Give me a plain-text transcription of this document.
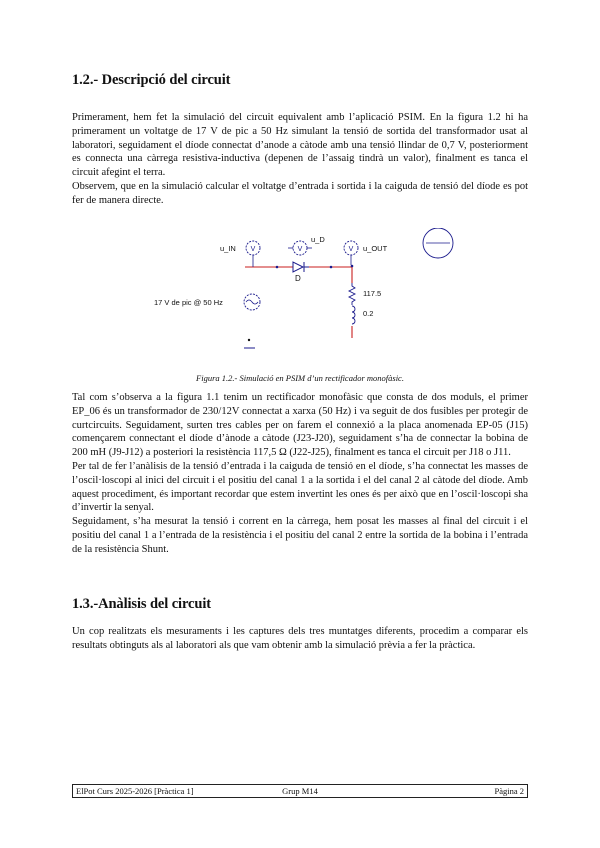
1.2.- Descripció del circuit

Primerament, hem fet la simulació del circuit equivalent amb l’aplicació PSIM. En la figura 1.2 hi ha primerament un voltatge de 17 V de pic a 50 Hz simulant la tensió de sortida del transformador usat al laboratori, seguidament el díode connectat d’anode a càtode amb una tensió llindar de 0,7 V, posteriorment es connecta una càrrega resistiva-inductiva (depenen de l’assaig tindrà un valor), finalment es tanca el circuit afegint el terra.
Observem, que en la simulació calcular el voltatge d’entrada i sortida i la caiguda de tensió del díode es pot fer de manera directe.

D
V
u_IN	V
u_D
V u_OUT
17 V de pic @ 50 Hz
117.5
0.2

Figura 1.2.- Simulació en PSIM d’un rectificador monofàsic.

Tal com s’observa a la figura 1.1 tenim un rectificador monofàsic que consta de dos moduls, el primer EP_06 és un transformador de 230/12V connectat a xarxa (50 Hz) i va seguit de dos fusibles per protegir de curtcircuits. Seguidament, surten tres cables per on farem el connexió a la placa anomenada EP-05 (J15) començarem connectant el díode d’ànode a càtode (J23-J20), seguidament s’ha de connectar la bobina de 200 mH (J9-J12) a posteriori la resistència 117,5 Ω (J22-J25), finalment es tanca el circuit per J18 o J11.
Per tal de fer l’anàlisis de la tensió d’entrada i la caiguda de tensió en el díode, s’ha connectat les masses de l’oscil·loscopi al inici del circuit i el positiu del canal 1 a la sortida i el del canal 2 al càtode del díode. Amb aquest procediment, és important recordar que estem invertint les ones és per això que en l’oscil·loscopi sha d’invertir la senyal.
Seguidament, s’ha mesurat la tensió i corrent en la càrrega, hem posat les masses al final del circuit i el positiu del canal 1 a l’entrada de la resistència i el positiu del canal 2 entre la sortida de la bobina i l’entrada de la resistència Shunt.

1.3.-Anàlisis del circuit

Un cop realitzats els mesuraments i les captures dels tres muntatges diferents, procedim a comparar els resultats obtinguts als al laboratori als que vam obtenir amb la simulació prèvia a fer la pràctica.

ElPot Curs 2025-2026 [Pràctica 1]	Grup M14	Pàgina 2
